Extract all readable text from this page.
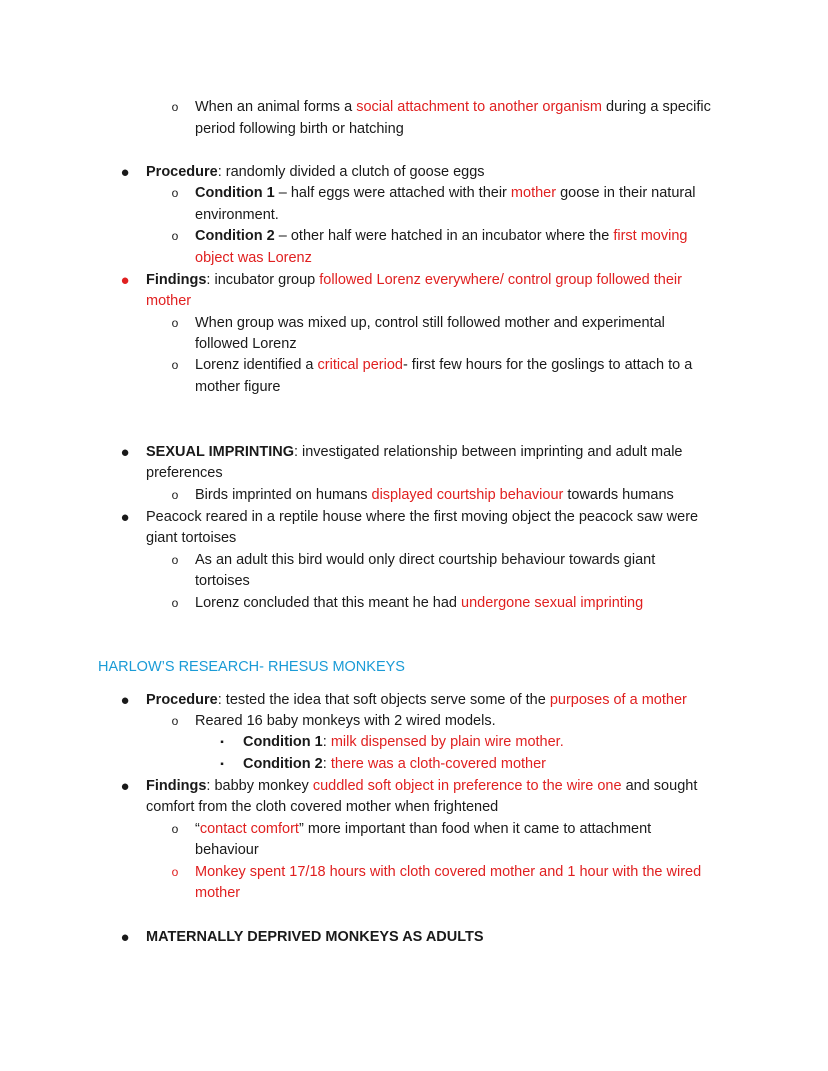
o	When an animal forms a social attachment to another organism during a specific
period following birth or hatching
●	Procedure: randomly divided a clutch of goose eggs
o	Condition 1 – half eggs were attached with their mother goose in their natural
environment.
o	Condition 2 – other half were hatched in an incubator where the first moving
object was Lorenz
●	Findings: incubator group followed Lorenz everywhere/ control group followed their
mother
o	When group was mixed up, control still followed mother and experimental
followed Lorenz
o	Lorenz identified a critical period- first few hours for the goslings to attach to a
mother figure
●	SEXUAL IMPRINTING: investigated relationship between imprinting and adult male
preferences
o	Birds imprinted on humans displayed courtship behaviour towards humans
●	Peacock reared in a reptile house where the first moving object the peacock saw were
giant tortoises
o	As an adult this bird would only direct courtship behaviour towards giant
tortoises
o	Lorenz concluded that this meant he had undergone sexual imprinting
HARLOW’S RESEARCH- RHESUS MONKEYS
●	Procedure: tested the idea that soft objects serve some of the purposes of a mother
o	Reared 16 baby monkeys with 2 wired models.
▪	Condition 1: milk dispensed by plain wire mother.
▪	Condition 2: there was a cloth-covered mother
●	Findings: babby monkey cuddled soft object in preference to the wire one and sought
comfort from the cloth covered mother when frightened
o	“contact comfort” more important than food when it came to attachment
behaviour
o	Monkey spent 17/18 hours with cloth covered mother and 1 hour with the wired
mother
●	MATERNALLY DEPRIVED MONKEYS AS ADULTS
